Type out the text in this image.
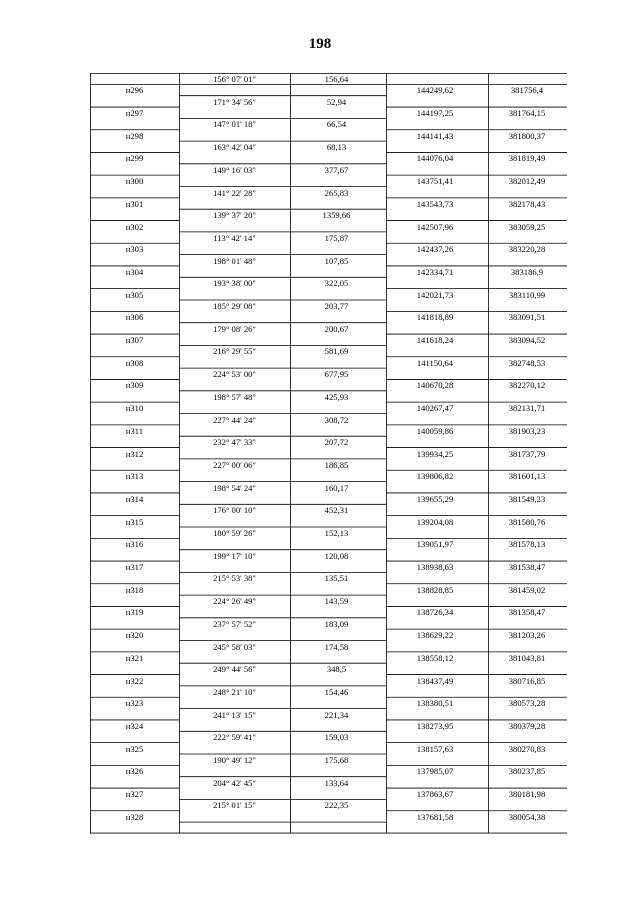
198
156° 07' 01"	156,64
н296	144249,62	381756,4
171° 34' 56"	52,94
н297	144197,25	381764,15
147° 01' 18"	66,54
н298	144141,43	381800,37
163° 42' 04"	68,13
н299	144076,04	381819,49
149° 16' 03"	377,67
н300	143751,41	382012,49
141° 22' 28"	265,83
н301	143543,73	382178,43
139° 37' 20"	1359,66
н302	142507,96	383059,25
113° 42' 14"	175,87
н303	142437,26	383220,28
198° 01' 48"	107,85
н304	142334,71	383186,9
193° 38' 00"	322,05
н305	142021,73	383110,99
185° 29' 08"	203,77
н306	141818,89	383091,51
179° 08' 26"	200,67
н307	141618,24	383094,52
216° 29' 55"	581,69
н308	141150,64	382748,53
224° 53' 00"	677,95
н309	140670,28	382270,12
198° 57' 48"	425,93
н310	140267,47	382131,71
227° 44' 24"	308,72
н311	140059,86	381903,23
232° 47' 33"	207,72
н312	139934,25	381737,79
227° 00' 06"	186,85
н313	139806,82	381601,13
198° 54' 24"	160,17
н314	139655,29	381549,23
176° 00' 10"	452,31
н315	139204,08	381580,76
180° 59' 26"	152,13
н316	139051,97	381578,13
199° 17' 10"	120,08
н317	138938,63	381538,47
215° 53' 38"	135,51
н318	138828,85	381459,02
224° 26' 49"	143,59
н319	138726,34	381358,47
237° 57' 52"	183,09
н320	138629,22	381203,26
245° 58' 03"	174,58
н321	138558,12	381043,81
249° 44' 56"	348,5
н322	138437,49	380716,85
248° 21' 10"	154,46
н323	138380,51	380573,28
241° 13' 15"	221,34
н324	138273,95	380379,28
222° 59' 41"	159,03
н325	138157,63	380270,83
190° 49' 12"	175,68
н326	137985,07	380237,85
204° 42' 45"	133,64
н327	137863,67	380181,98
215° 01' 15"	222,35
н328	137681,58	380054,38
